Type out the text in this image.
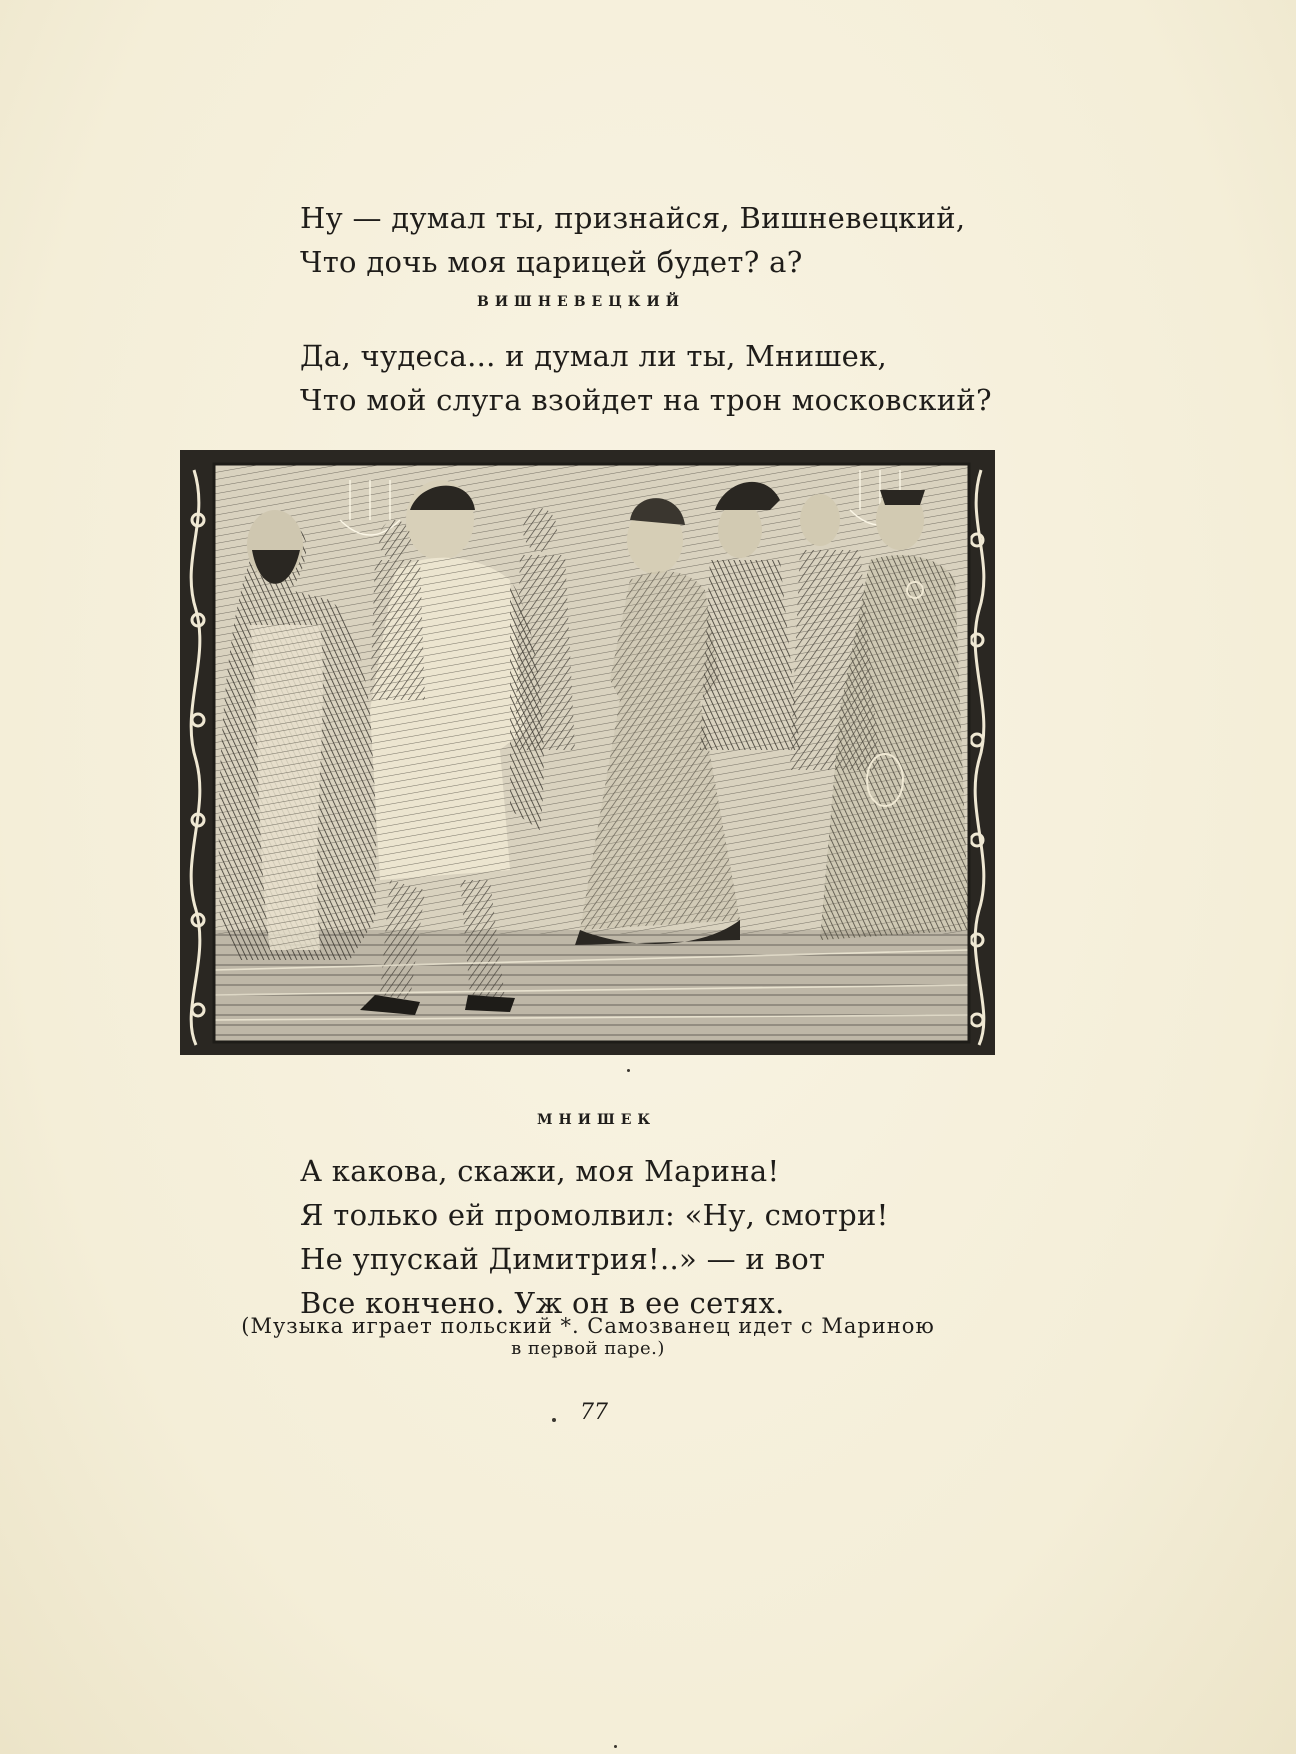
Ну — думал ты, признайся, Вишневецкий,
Что дочь моя царицей будет? а?
ВИШНЕВЕЦКИЙ
Да, чудеса... и думал ли ты, Мнишек,
Что мой слуга взойдет на трон московский?
МНИШЕК
А какова, скажи, моя Марина!
Я только ей промолвил: «Ну, смотри!
Не упускай Димитрия!..» — и вот
Все кончено. Уж он в ее сетях.
(Музыка играет польский *. Самозванец идет с Мариною
в первой паре.)
77
